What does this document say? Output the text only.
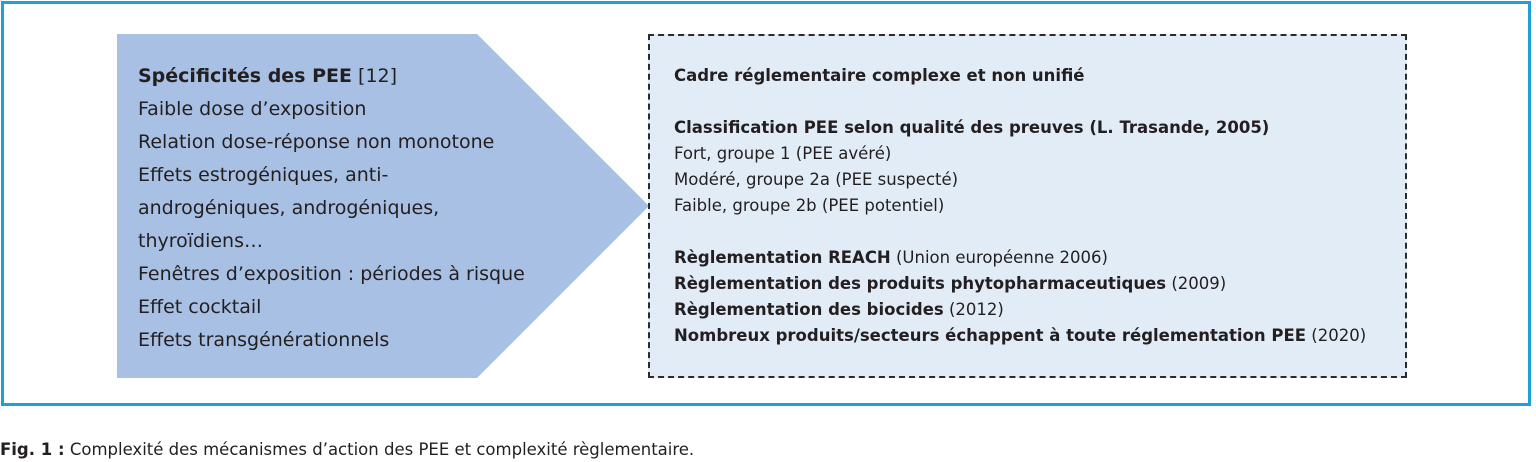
Spécificités des PEE [12]
Faible dose d’exposition
Relation dose-réponse non monotone
Effets estrogéniques, anti-
androgéniques, androgéniques,
thyroïdiens…
Fenêtres d’exposition : périodes à risque
Effet cocktail
Effets transgénérationnels
Cadre réglementaire complexe et non unifié
Classification PEE selon qualité des preuves (L. Trasande, 2005)
Fort, groupe 1 (PEE avéré)
Modéré, groupe 2a (PEE suspecté)
Faible, groupe 2b (PEE potentiel)
Règlementation REACH (Union européenne 2006)
Règlementation des produits phytopharmaceutiques (2009)
Règlementation des biocides (2012)
Nombreux produits/secteurs échappent à toute réglementation PEE (2020)
Fig. 1 : Complexité des mécanismes d’action des PEE et complexité règlementaire.
